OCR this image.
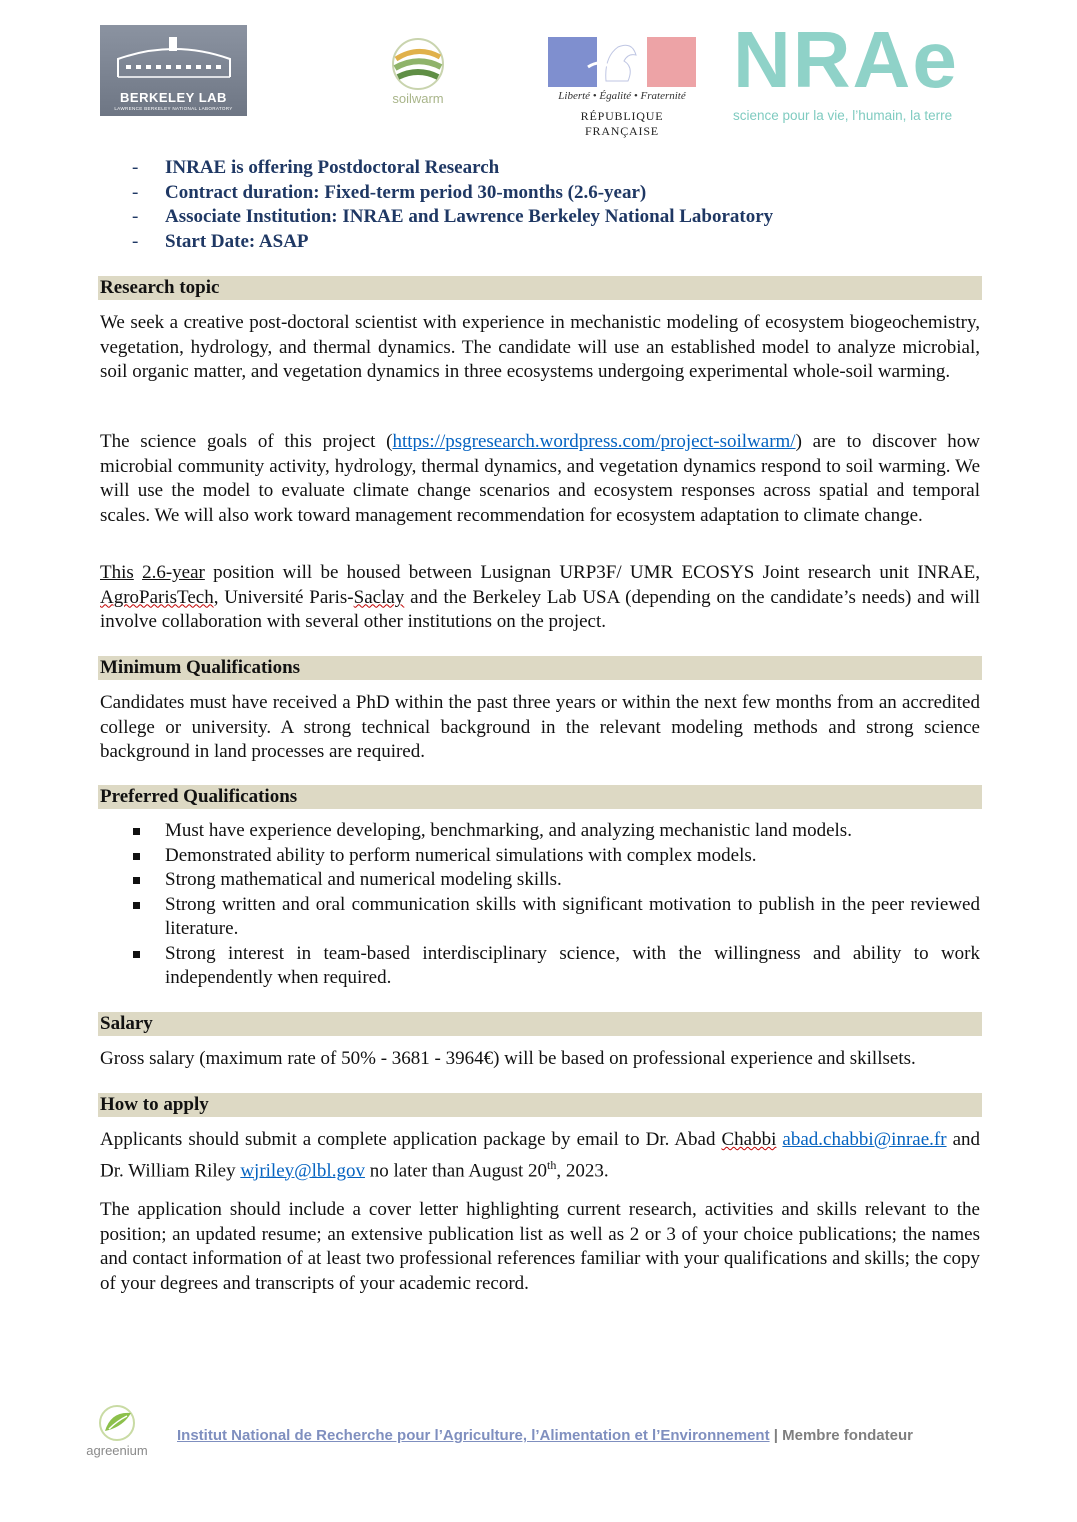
BERKELEY LAB
LAWRENCE BERKELEY NATIONAL LABORATORY
soilwarm	Liberté • Égalité • Fraternité
RÉPUBLIQUE FRANÇAISE
NRAe
science pour la vie, l’humain, la terre
- INRAE is offering Postdoctoral Research
- Contract duration: Fixed-term period 30-months (2.6-year)
- Associate Institution: INRAE and Lawrence Berkeley National Laboratory
- Start Date: ASAP
Research topic
We seek a creative post-doctoral scientist with experience in mechanistic modeling of ecosystem biogeochemistry, vegetation, hydrology, and thermal dynamics. The candidate will use an established model to analyze microbial, soil organic matter, and vegetation dynamics in three ecosystems undergoing experimental whole-soil warming.
The science goals of this project (https://psgresearch.wordpress.com/project-soilwarm/) are to discover how microbial community activity, hydrology, thermal dynamics, and vegetation dynamics respond to soil warming. We will use the model to evaluate climate change scenarios and ecosystem responses across spatial and temporal scales. We will also work toward management recommendation for ecosystem adaptation to climate change.
This 2.6-year position will be housed between Lusignan URP3F/ UMR ECOSYS Joint research unit INRAE, AgroParisTech, Université Paris-Saclay and the Berkeley Lab USA (depending on the candidate’s needs) and will involve collaboration with several other institutions on the project.
Minimum Qualifications
Candidates must have received a PhD within the past three years or within the next few months from an accredited college or university. A strong technical background in the relevant modeling methods and strong science background in land processes are required.
Preferred Qualifications
Must have experience developing, benchmarking, and analyzing mechanistic land models.
Demonstrated ability to perform numerical simulations with complex models.
Strong mathematical and numerical modeling skills.
Strong written and oral communication skills with significant motivation to publish in the peer reviewed literature.
Strong interest in team-based interdisciplinary science, with the willingness and ability to work independently when required.
Salary
Gross salary (maximum rate of 50% - 3681 - 3964€) will be based on professional experience and skillsets.
How to apply
Applicants should submit a complete application package by email to Dr. Abad Chabbi abad.chabbi@inrae.fr and Dr. William Riley wjriley@lbl.gov no later than August 20th, 2023.
The application should include a cover letter highlighting current research, activities and skills relevant to the position; an updated resume; an extensive publication list as well as 2 or 3 of your choice publications; the names and contact information of at least two professional references familiar with your qualifications and skills; the copy of your degrees and transcripts of your academic record.
agreenium
Institut National de Recherche pour l’Agriculture, l’Alimentation et l’Environnement | Membre fondateur
